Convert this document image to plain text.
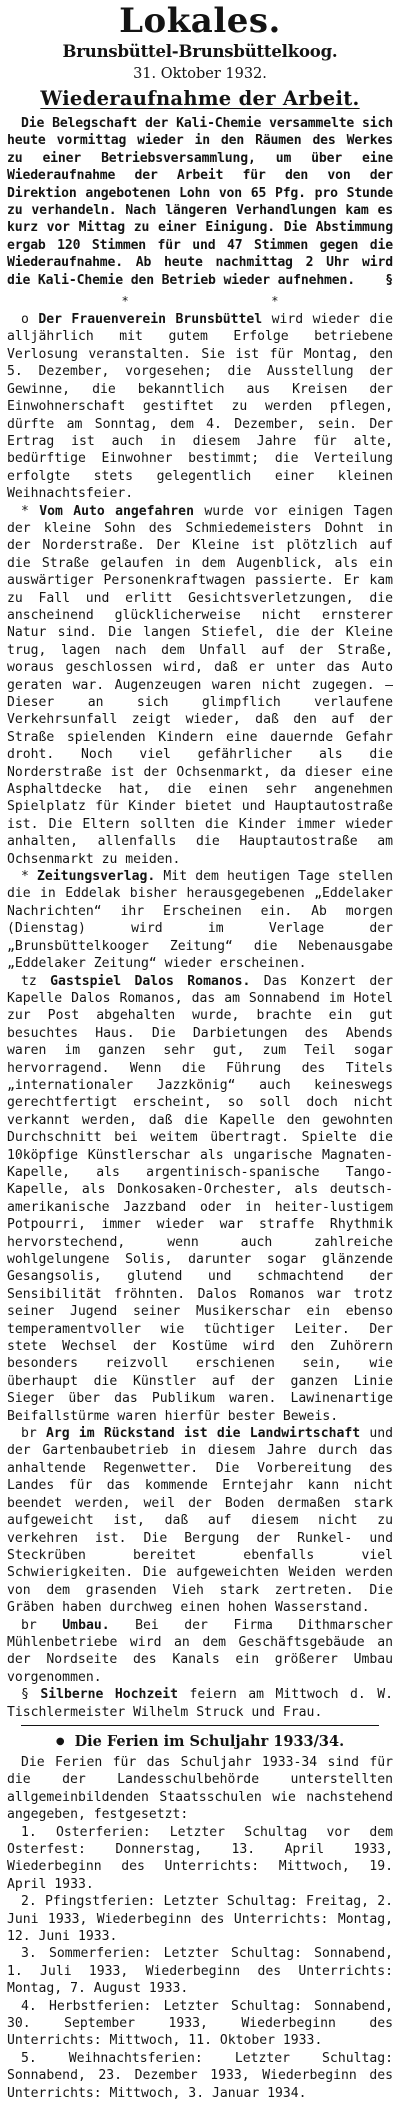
Lokales.
Brunsbüttel-Brunsbüttelkoog.
31. Oktober 1932.
Wiederaufnahme der Arbeit.

Die Belegschaft der Kali-Chemie versammelte sich heute vormittag wieder in den Räumen des Werkes zu einer Betriebsversammlung, um über eine Wiederaufnahme der Arbeit für den von der Direktion angebotenen Lohn von 65 Pfg. pro Stunde zu verhandeln. Nach längeren Verhandlungen kam es kurz vor Mittag zu einer Einigung. Die Abstimmung ergab 120 Stimmen für und 47 Stimmen gegen die Wiederaufnahme. Ab heute nachmittag 2 Uhr wird die Kali-Chemie den Betrieb wieder aufnehmen.	§

* *

o Der Frauenverein Brunsbüttel wird wieder die alljährlich mit gutem Erfolge betriebene Verlosung veranstalten. Sie ist für Montag, den 5. Dezember, vorgesehen; die Ausstellung der Gewinne, die bekanntlich aus Kreisen der Einwohnerschaft gestiftet zu werden pflegen, dürfte am Sonntag, dem 4. Dezember, sein. Der Ertrag ist auch in diesem Jahre für alte, bedürftige Einwohner bestimmt; die Verteilung erfolgte stets gelegentlich einer kleinen Weihnachtsfeier.

* Vom Auto angefahren wurde vor einigen Tagen der kleine Sohn des Schmiedemeisters Dohnt in der Norderstraße. Der Kleine ist plötzlich auf die Straße gelaufen in dem Augenblick, als ein auswärtiger Personenkraftwagen passierte. Er kam zu Fall und erlitt Gesichtsverletzungen, die anscheinend glücklicherweise nicht ernsterer Natur sind. Die langen Stiefel, die der Kleine trug, lagen nach dem Unfall auf der Straße, woraus geschlossen wird, daß er unter das Auto geraten war. Augenzeugen waren nicht zugegen. — Dieser an sich glimpflich verlaufene Verkehrsunfall zeigt wieder, daß den auf der Straße spielenden Kindern eine dauernde Gefahr droht. Noch viel gefährlicher als die Norderstraße ist der Ochsenmarkt, da dieser eine Asphaltdecke hat, die einen sehr angenehmen Spielplatz für Kinder bietet und Hauptautostraße ist. Die Eltern sollten die Kinder immer wieder anhalten, allenfalls die Hauptautostraße am Ochsenmarkt zu meiden.

* Zeitungsverlag. Mit dem heutigen Tage stellen die in Eddelak bisher herausgegebenen „Eddelaker Nachrichten“ ihr Erscheinen ein. Ab morgen (Dienstag) wird im Verlage der „Brunsbüttelkooger Zeitung“ die Nebenausgabe „Eddelaker Zeitung“ wieder erscheinen.

tz Gastspiel Dalos Romanos. Das Konzert der Kapelle Dalos Romanos, das am Sonnabend im Hotel zur Post abgehalten wurde, brachte ein gut besuchtes Haus. Die Darbietungen des Abends waren im ganzen sehr gut, zum Teil sogar hervorragend. Wenn die Führung des Titels „internationaler Jazzkönig“ auch keineswegs gerechtfertigt erscheint, so soll doch nicht verkannt werden, daß die Kapelle den gewohnten Durchschnitt bei weitem übertragt. Spielte die 10köpfige Künstlerschar als ungarische Magnaten-Kapelle, als argentinisch-spanische Tango-Kapelle, als Donkosaken-Orchester, als deutsch-amerikanische Jazzband oder in heiter-lustigem Potpourri, immer wieder war straffe Rhythmik hervorstechend, wenn auch zahlreiche wohlgelungene Solis, darunter sogar glänzende Gesangsolis, glutend und schmachtend der Sensibilität fröhnten. Dalos Romanos war trotz seiner Jugend seiner Musikerschar ein ebenso temperamentvoller wie tüchtiger Leiter. Der stete Wechsel der Kostüme wird den Zuhörern besonders reizvoll erschienen sein, wie überhaupt die Künstler auf der ganzen Linie Sieger über das Publikum waren. Lawinenartige Beifallstürme waren hierfür bester Beweis.

br Arg im Rückstand ist die Landwirtschaft und der Gartenbaubetrieb in diesem Jahre durch das anhaltende Regenwetter. Die Vorbereitung des Landes für das kommende Erntejahr kann nicht beendet werden, weil der Boden dermaßen stark aufgeweicht ist, daß auf diesem nicht zu verkehren ist. Die Bergung der Runkel- und Steckrüben bereitet ebenfalls viel Schwierigkeiten. Die aufgeweichten Weiden werden von dem grasenden Vieh stark zertreten. Die Gräben haben durchweg einen hohen Wasserstand.

br Umbau. Bei der Firma Dithmarscher Mühlenbetriebe wird an dem Geschäftsgebäude an der Nordseite des Kanals ein größerer Umbau vorgenommen.

§ Silberne Hochzeit feiern am Mittwoch d. W. Tischlermeister Wilhelm Struck und Frau.

● Die Ferien im Schuljahr 1933/34.

Die Ferien für das Schuljahr 1933-34 sind für die der Landesschulbehörde unterstellten allgemeinbildenden Staatsschulen wie nachstehend angegeben, festgesetzt:

1. Osterferien: Letzter Schultag vor dem Osterfest: Donnerstag, 13. April 1933, Wiederbeginn des Unterrichts: Mittwoch, 19. April 1933.

2. Pfingstferien: Letzter Schultag: Freitag, 2. Juni 1933, Wiederbeginn des Unterrichts: Montag, 12. Juni 1933.

3. Sommerferien: Letzter Schultag: Sonnabend, 1. Juli 1933, Wiederbeginn des Unterrichts: Montag, 7. August 1933.

4. Herbstferien: Letzter Schultag: Sonnabend, 30. September 1933, Wiederbeginn des Unterrichts: Mittwoch, 11. Oktober 1933.

5. Weihnachtsferien: Letzter Schultag: Sonnabend, 23. Dezember 1933, Wiederbeginn des Unterrichts: Mittwoch, 3. Januar 1934.
